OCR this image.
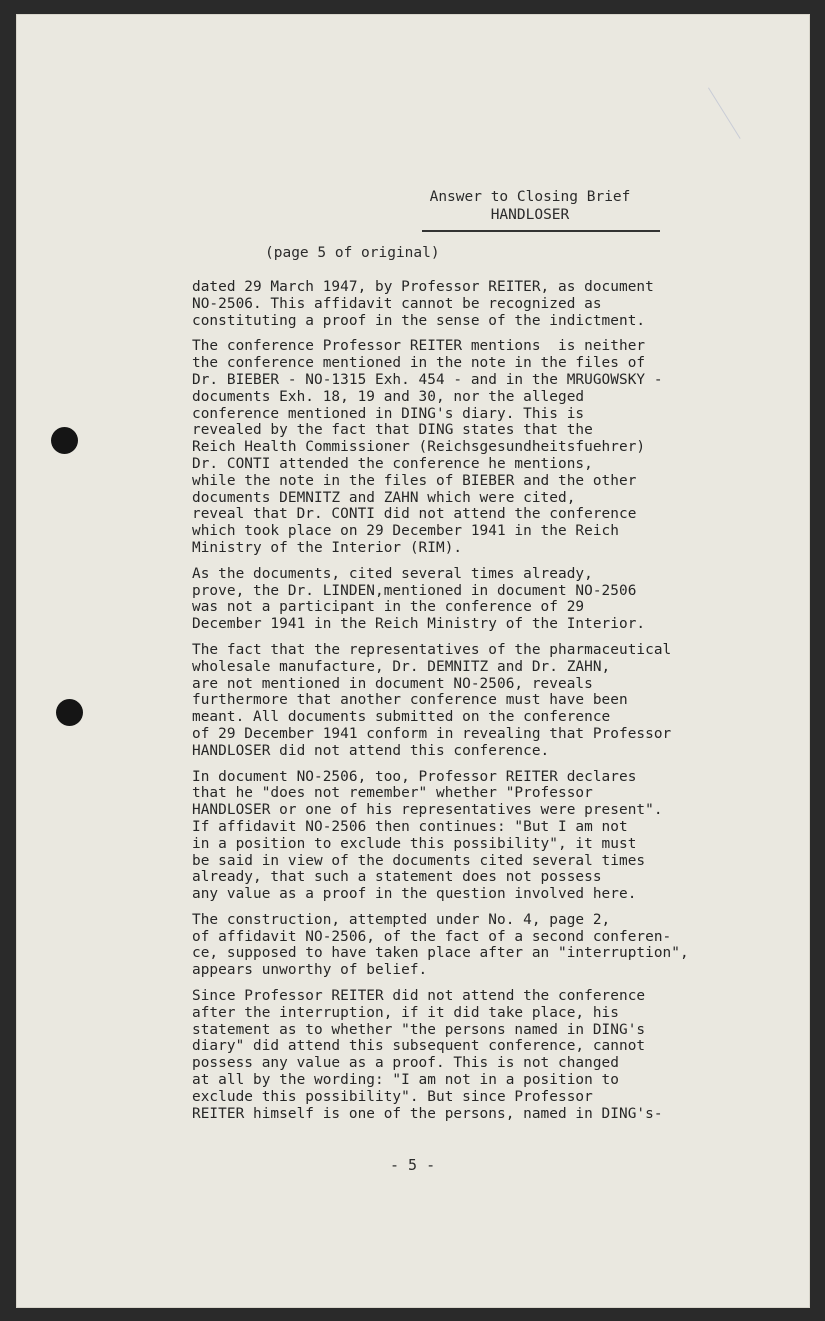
Answer to Closing Brief
HANDLOSER
(page 5 of original)
dated 29 March 1947, by Professor REITER, as document
NO-2506. This affidavit cannot be recognized as
constituting a proof in the sense of the indictment.
The conference Professor REITER mentions  is neither
the conference mentioned in the note in the files of
Dr. BIEBER - NO-1315 Exh. 454 - and in the MRUGOWSKY -
documents Exh. 18, 19 and 30, nor the alleged
conference mentioned in DING's diary. This is
revealed by the fact that DING states that the
Reich Health Commissioner (Reichsgesundheitsfuehrer)
Dr. CONTI attended the conference he mentions,
while the note in the files of BIEBER and the other
documents DEMNITZ and ZAHN which were cited,
reveal that Dr. CONTI did not attend the conference
which took place on 29 December 1941 in the Reich
Ministry of the Interior (RIM).
As the documents, cited several times already,
prove, the Dr. LINDEN,mentioned in document NO-2506
was not a participant in the conference of 29
December 1941 in the Reich Ministry of the Interior.
The fact that the representatives of the pharmaceutical
wholesale manufacture, Dr. DEMNITZ and Dr. ZAHN,
are not mentioned in document NO-2506, reveals
furthermore that another conference must have been
meant. All documents submitted on the conference
of 29 December 1941 conform in revealing that Professor
HANDLOSER did not attend this conference.
In document NO-2506, too, Professor REITER declares
that he "does not remember" whether "Professor
HANDLOSER or one of his representatives were present".
If affidavit NO-2506 then continues: "But I am not
in a position to exclude this possibility", it must
be said in view of the documents cited several times
already, that such a statement does not possess
any value as a proof in the question involved here.
The construction, attempted under No. 4, page 2,
of affidavit NO-2506, of the fact of a second conferen-
ce, supposed to have taken place after an "interruption",
appears unworthy of belief.
Since Professor REITER did not attend the conference
after the interruption, if it did take place, his
statement as to whether "the persons named in DING's
diary" did attend this subsequent conference, cannot
possess any value as a proof. This is not changed
at all by the wording: "I am not in a position to
exclude this possibility". But since Professor
REITER himself is one of the persons, named in DING's-
- 5 -
